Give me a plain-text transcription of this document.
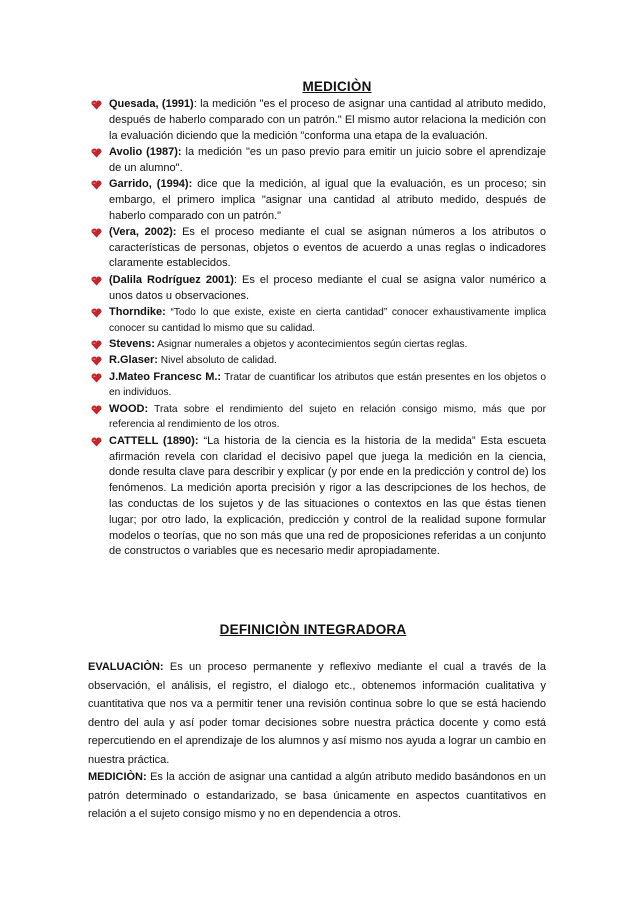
MEDICIÒN
Quesada, (1991): la medición "es el proceso de asignar una cantidad al atributo medido, después de haberlo comparado con un patrón." El mismo autor relaciona la medición con la evaluación diciendo que la medición "conforma una etapa de la evaluación.
Avolio (1987): la medición "es un paso previo para emitir un juicio sobre el aprendizaje de un alumno".
Garrido, (1994): dice que la medición, al igual que la evaluación, es un proceso; sin embargo, el primero implica "asignar una cantidad al atributo medido, después de haberlo comparado con un patrón."
(Vera, 2002): Es el proceso mediante el cual se asignan números a los atributos o características de personas, objetos o eventos de acuerdo a unas reglas o indicadores claramente establecidos.
(Dalila Rodríguez 2001): Es el proceso mediante el cual se asigna valor numérico a unos datos u observaciones.
Thorndike: “Todo lo que existe, existe en cierta cantidad” conocer exhaustivamente implica conocer su cantidad lo mismo que su calidad.
Stevens: Asignar numerales a objetos y acontecimientos según ciertas reglas.
R.Glaser: Nivel absoluto de calidad.
J.Mateo Francesc M.: Tratar de cuantificar los atributos que están presentes en los objetos o en individuos.
WOOD: Trata sobre el rendimiento del sujeto en relación consigo mismo, más que por referencia al rendimiento de los otros.
CATTELL (1890): “La historia de la ciencia es la historia de la medida” Esta escueta afirmación revela con claridad el decisivo papel que juega la medición en la ciencia, donde resulta clave para describir y explicar (y por ende en la predicción y control de) los fenómenos. La medición aporta precisión y rigor a las descripciones de los hechos, de las conductas de los sujetos y de las situaciones o contextos en las que éstas tienen lugar; por otro lado, la explicación, predicción y control de la realidad supone formular modelos o teorías, que no son más que una red de proposiciones referidas a un conjunto de constructos o variables que es necesario medir apropiadamente.
DEFINICIÒN INTEGRADORA

EVALUACIÒN: Es un proceso permanente y reflexivo mediante el cual a través de la observación, el análisis, el registro, el dialogo etc., obtenemos información cualitativa y cuantitativa que nos va a permitir tener una revisión continua sobre lo que se está haciendo dentro del aula y así poder tomar decisiones sobre nuestra práctica docente y como está repercutiendo en el aprendizaje de los alumnos y así mismo nos ayuda a lograr un cambio en nuestra práctica.

MEDICIÒN: Es la acción de asignar una cantidad a algún atributo medido basándonos en un patrón determinado o estandarizado, se basa únicamente en aspectos cuantitativos en relación a el sujeto consigo mismo y no en dependencia a otros.
